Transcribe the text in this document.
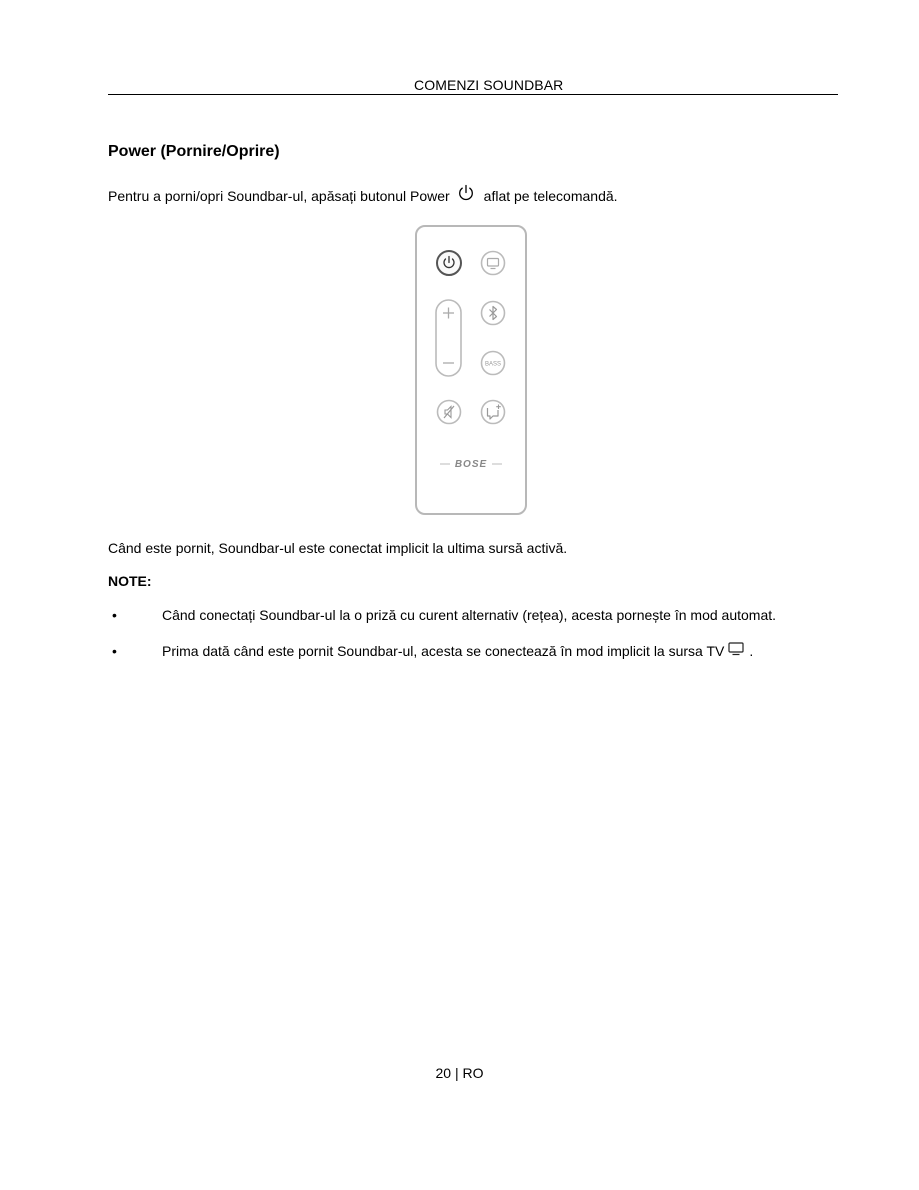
COMENZI SOUNDBAR
Power (Pornire/Oprire)
Pentru a porni/opri Soundbar-ul, apăsați butonul Power aflat pe telecomandă.
BASS
BOSE
Când este pornit, Soundbar-ul este conectat implicit la ultima sursă activă.
NOTE:
•	Când conectați Soundbar-ul la o priză cu curent alternativ (rețea), acesta pornește în mod automat.
•	Prima dată când este pornit Soundbar-ul, acesta se conectează în mod implicit la sursa TV .
20 | RO
